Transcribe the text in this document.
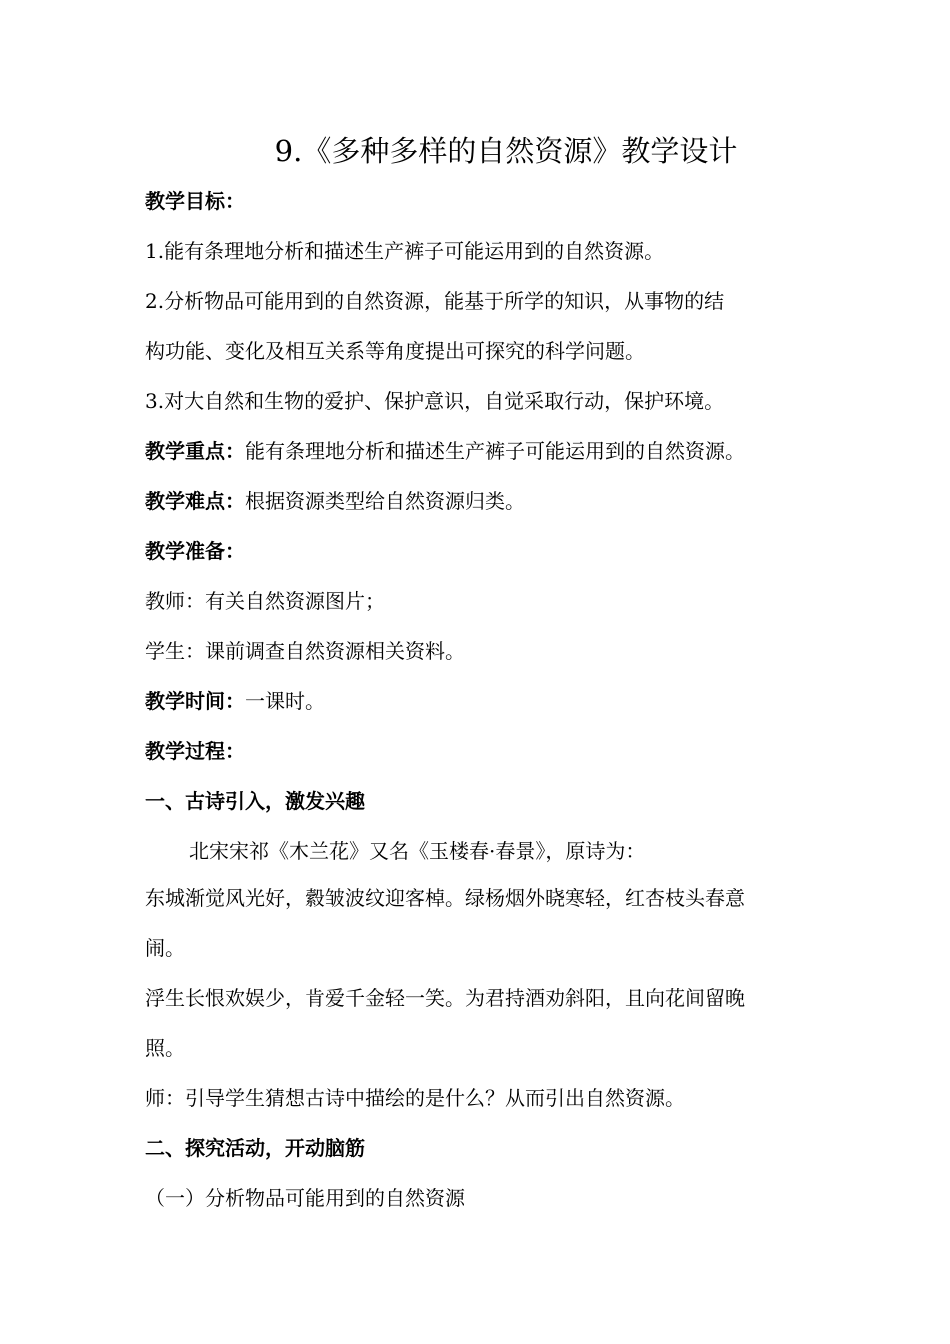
9.《多种多样的自然资源》教学设计
教学目标：
1.能有条理地分析和描述生产裤子可能运用到的自然资源。
2.分析物品可能用到的自然资源，能基于所学的知识，从事物的结
构功能、变化及相互关系等角度提出可探究的科学问题。
3.对大自然和生物的爱护、保护意识，自觉采取行动，保护环境。
教学重点：能有条理地分析和描述生产裤子可能运用到的自然资源。
教学难点：根据资源类型给自然资源归类。
教学准备：
教师：有关自然资源图片；
学生：课前调查自然资源相关资料。
教学时间：一课时。
教学过程：
一、古诗引入，激发兴趣
北宋宋祁《木兰花》又名《玉楼春·春景》，原诗为：
东城渐觉风光好，縠皱波纹迎客棹。绿杨烟外晓寒轻，红杏枝头春意
闹。
浮生长恨欢娱少，肯爱千金轻一笑。为君持酒劝斜阳，且向花间留晚
照。
师：引导学生猜想古诗中描绘的是什么？从而引出自然资源。
二、探究活动，开动脑筋
（一）分析物品可能用到的自然资源
